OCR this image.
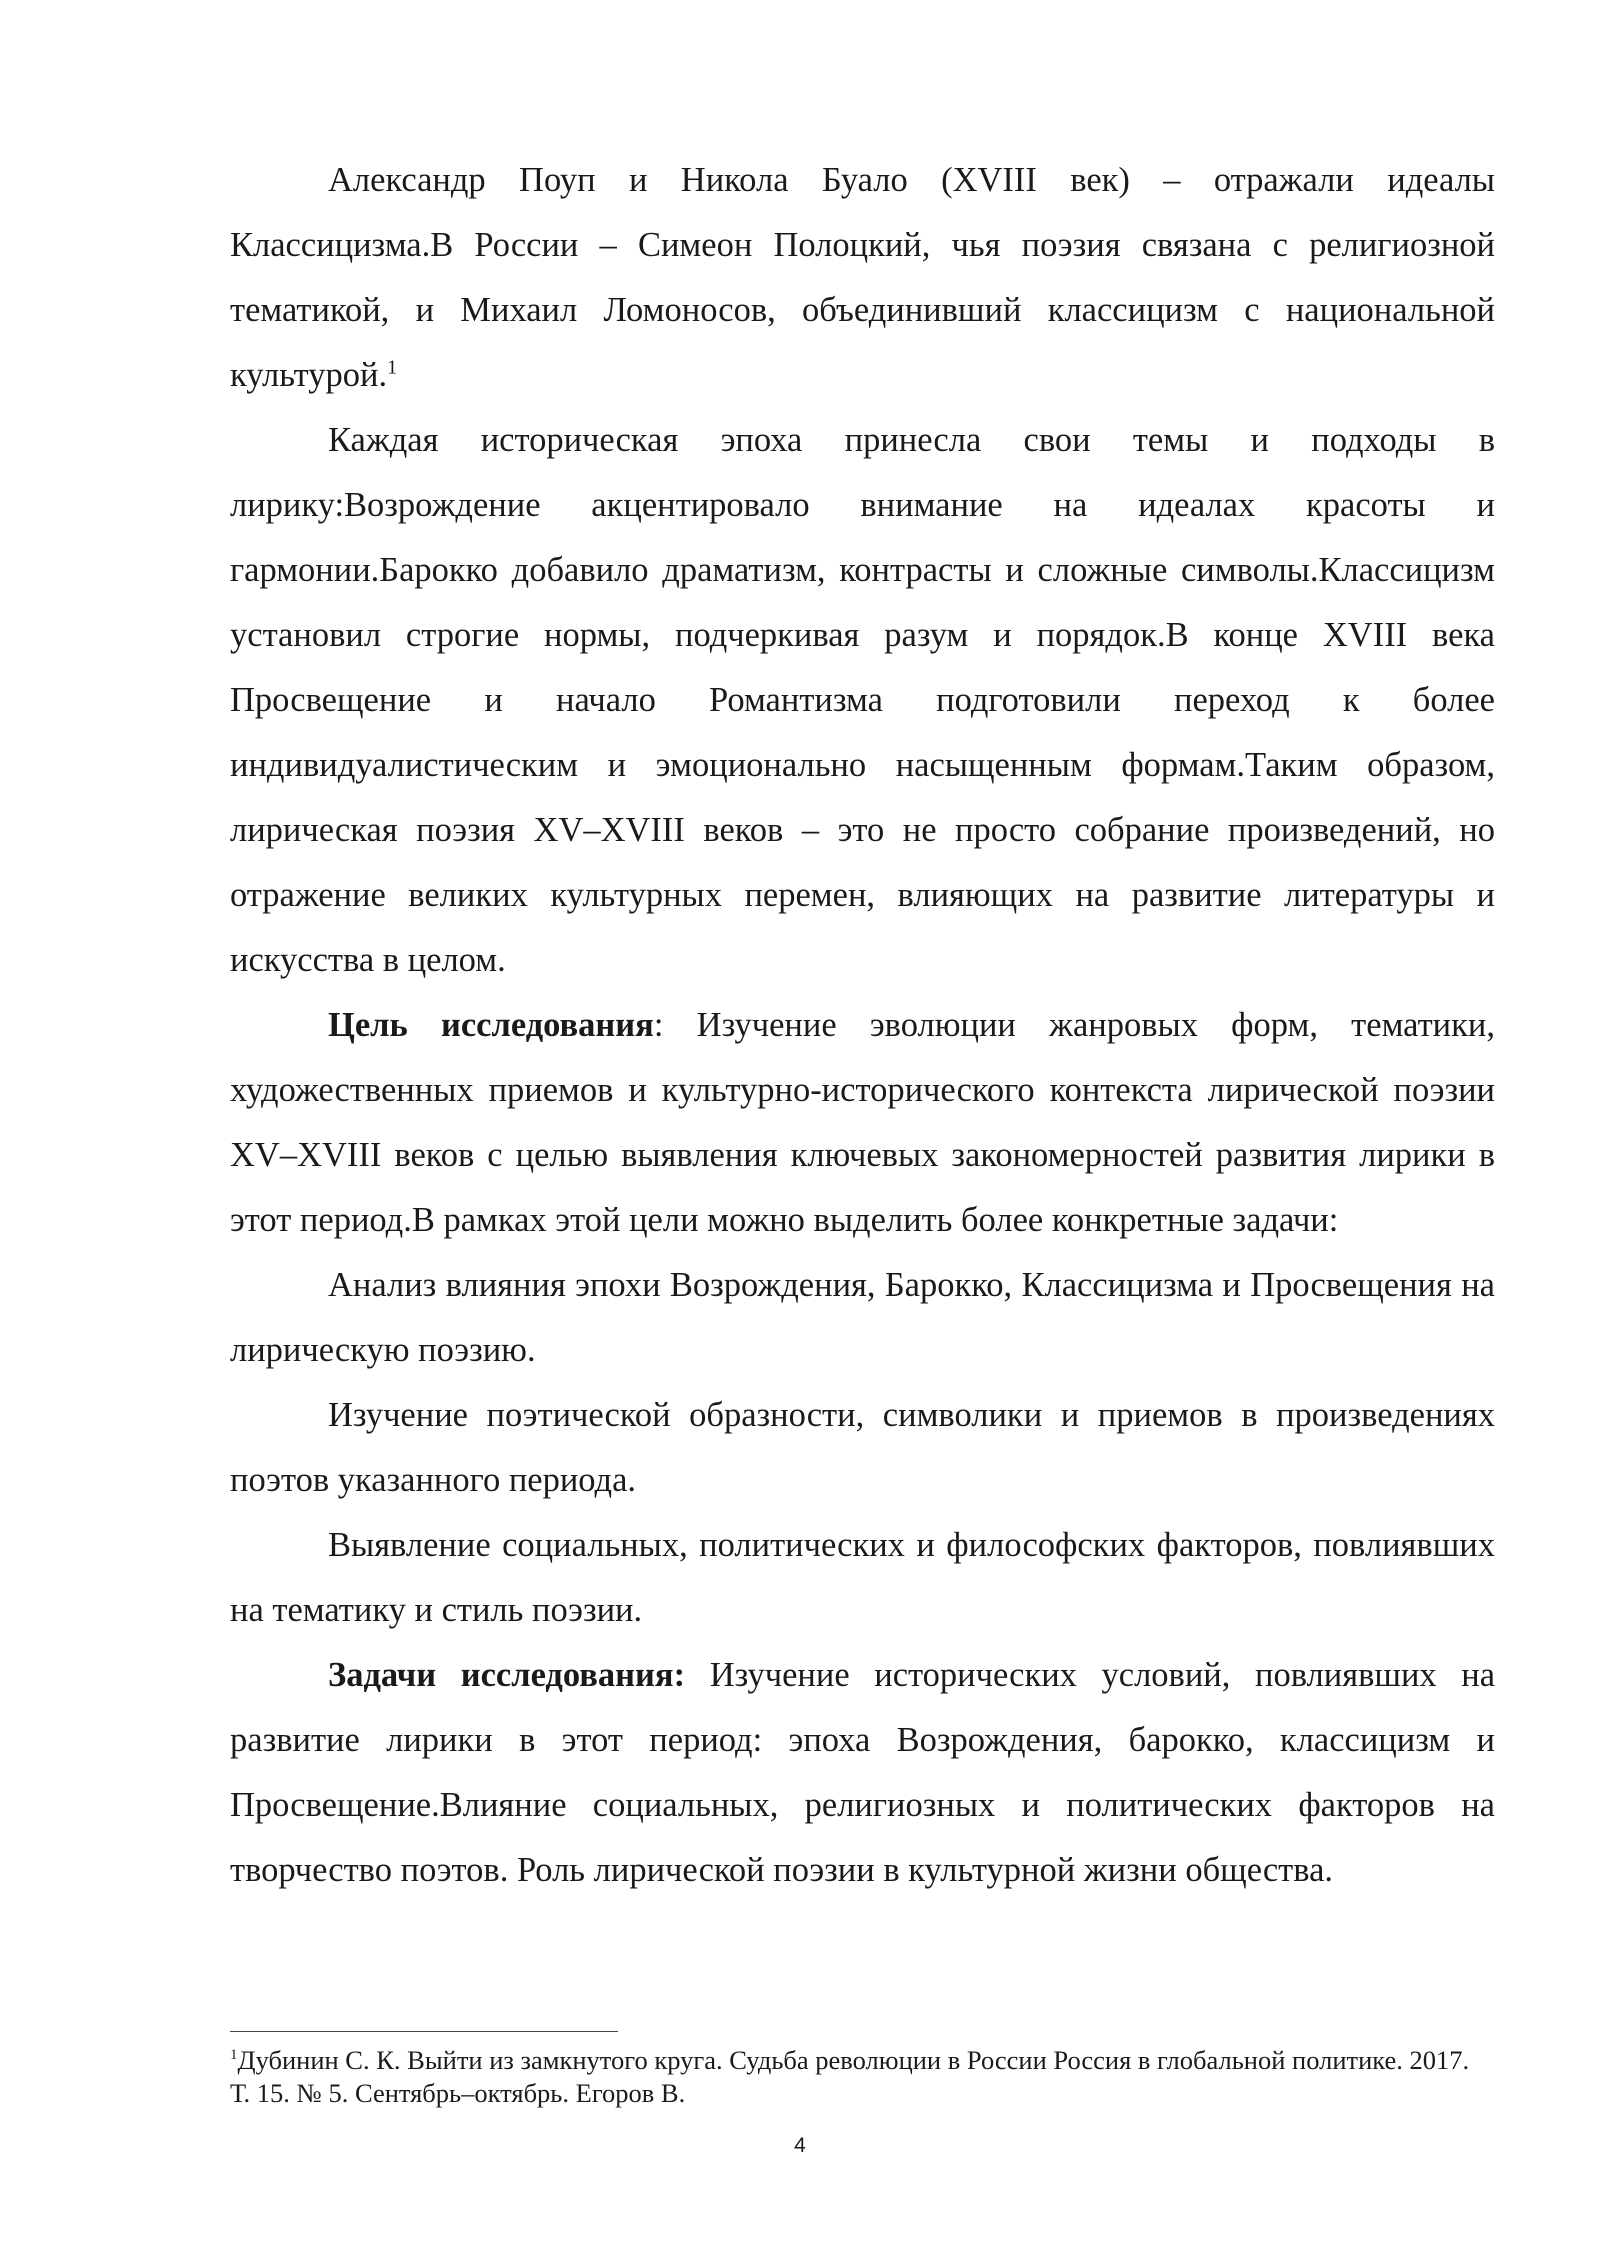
Александр Поуп и Никола Буало (XVIII век) – отражали идеалы Классицизма.В России – Симеон Полоцкий, чья поэзия связана с религиозной тематикой, и Михаил Ломоносов, объединивший классицизм с национальной культурой.$^1$

Каждая историческая эпоха принесла свои темы и подходы в лирику:Возрождение акцентировало внимание на идеалах красоты и гармонии.Барокко добавило драматизм, контрасты и сложные символы.Классицизм установил строгие нормы, подчеркивая разум и порядок.В конце XVIII века Просвещение и начало Романтизма подготовили переход к более индивидуалистическим и эмоционально насыщенным формам.Таким образом, лирическая поэзия XV–XVIII веков – это не просто собрание произведений, но отражение великих культурных перемен, влияющих на развитие литературы и искусства в целом.

Цель исследования: Изучение эволюции жанровых форм, тематики, художественных приемов и культурно-исторического контекста лирической поэзии XV–XVIII веков с целью выявления ключевых закономерностей развития лирики в этот период.В рамках этой цели можно выделить более конкретные задачи:

Анализ влияния эпохи Возрождения, Барокко, Классицизма и Просвещения на лирическую поэзию.

Изучение поэтической образности, символики и приемов в произведениях поэтов указанного периода.

Выявление социальных, политических и философских факторов, повлиявших на тематику и стиль поэзии.

Задачи исследования: Изучение исторических условий, повлиявших на развитие лирики в этот период: эпоха Возрождения, барокко, классицизм и Просвещение.Влияние социальных, религиозных и политических факторов на творчество поэтов. Роль лирической поэзии в культурной жизни общества.

$^1$Дубинин С. К. Выйти из замкнутого круга. Судьба революции в России Россия в глобальной политике. 2017. Т. 15. № 5. Сентябрь–октябрь. Егоров В.

4
